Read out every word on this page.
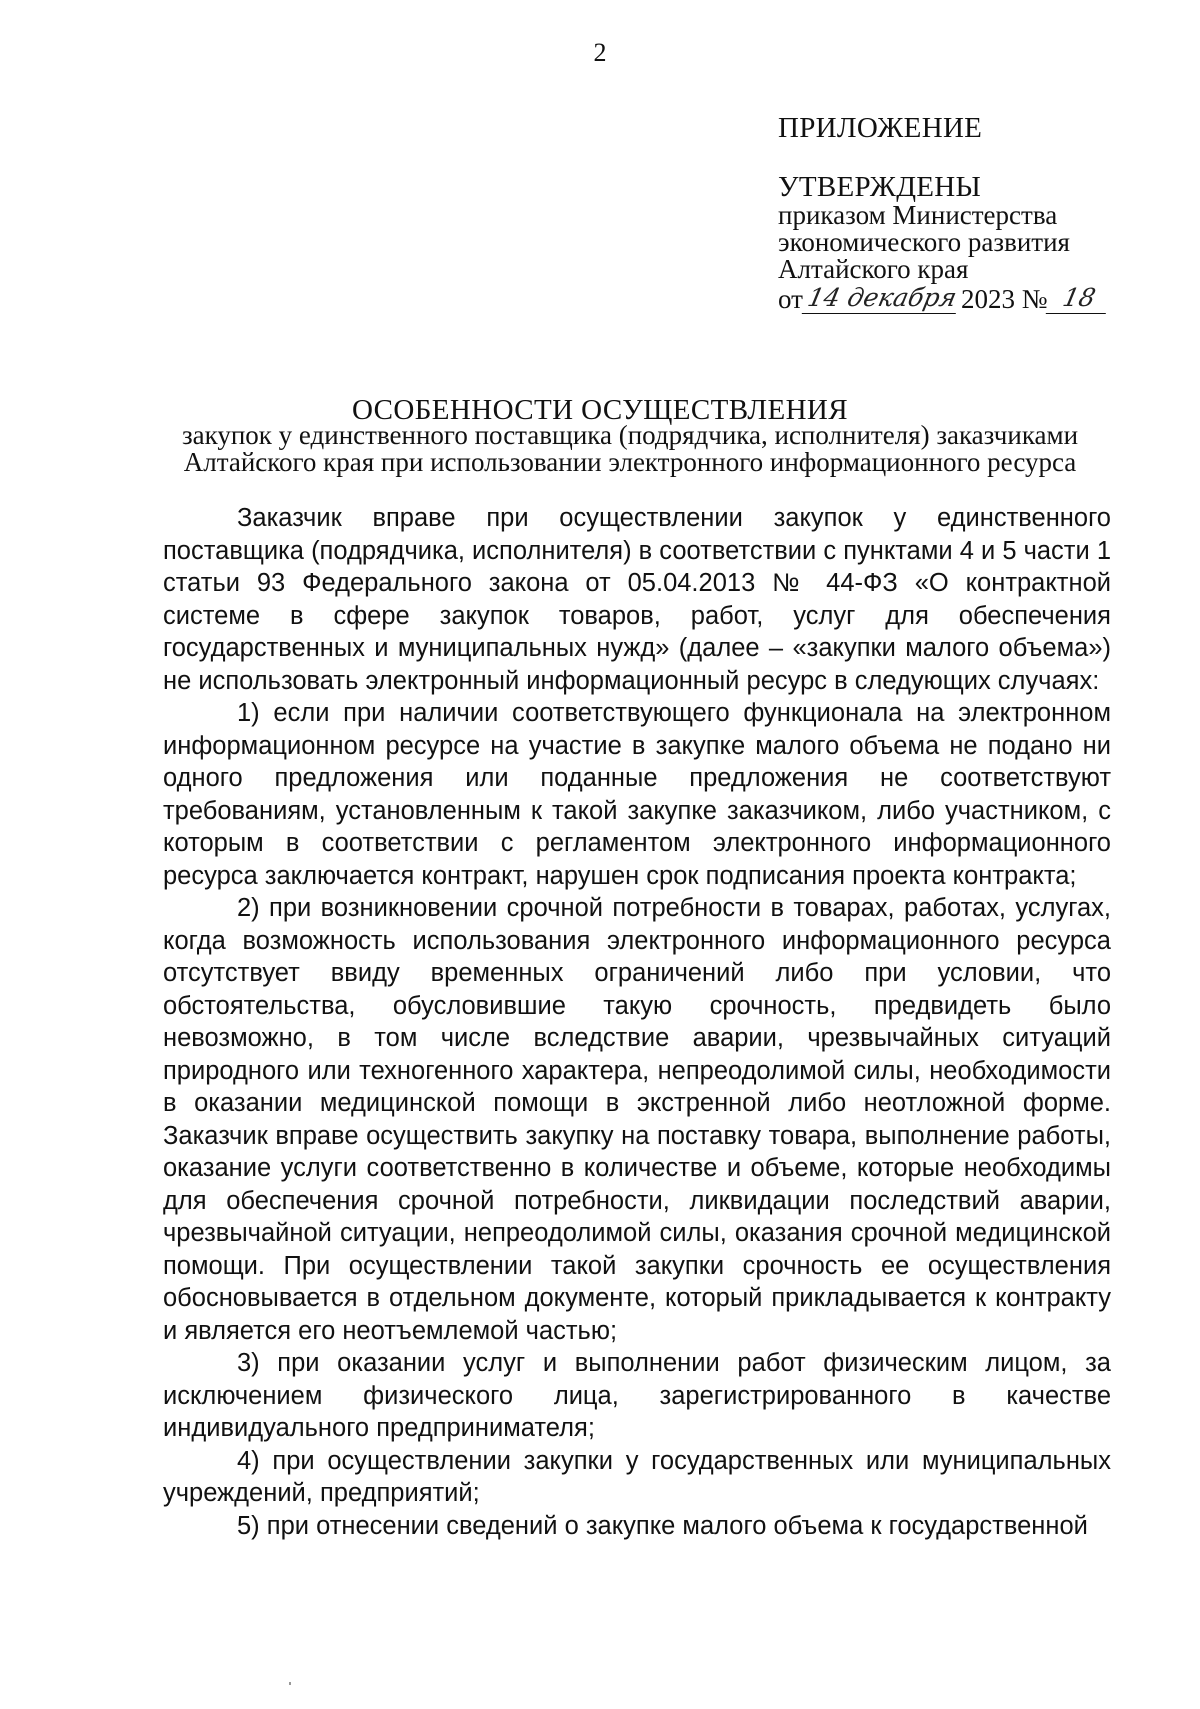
2
ПРИЛОЖЕНИЕ
УТВЕРЖДЕНЫ
приказом Министерства
экономического развития
Алтайского края
от 14 декабря 2023 № 18
ОСОБЕННОСТИ ОСУЩЕСТВЛЕНИЯ
закупок у единственного поставщика (подрядчика, исполнителя) заказчиками Алтайского края при использовании электронного информационного ресурса

Заказчик вправе при осуществлении закупок у единственного поставщика (подрядчика, исполнителя) в соответствии с пунктами 4 и 5 части 1 статьи 93 Федерального закона от 05.04.2013 № 44-ФЗ «О контрактной системе в сфере закупок товаров, работ, услуг для обеспечения государственных и муниципальных нужд» (далее – «закупки малого объема») не использовать электронный информационный ресурс в следующих случаях:

1) если при наличии соответствующего функционала на электронном информационном ресурсе на участие в закупке малого объема не подано ни одного предложения или поданные предложения не соответствуют требованиям, установленным к такой закупке заказчиком, либо участником, с которым в соответствии с регламентом электронного информационного ресурса заключается контракт, нарушен срок подписания проекта контракта;

2) при возникновении срочной потребности в товарах, работах, услугах, когда возможность использования электронного информационного ресурса отсутствует ввиду временных ограничений либо при условии, что обстоятельства, обусловившие такую срочность, предвидеть было невозможно, в том числе вследствие аварии, чрезвычайных ситуаций природного или техногенного характера, непреодолимой силы, необходимости в оказании медицинской помощи в экстренной либо неотложной форме. Заказчик вправе осуществить закупку на поставку товара, выполнение работы, оказание услуги соответственно в количестве и объеме, которые необходимы для обеспечения срочной потребности, ликвидации последствий аварии, чрезвычайной ситуации, непреодолимой силы, оказания срочной медицинской помощи. При осуществлении такой закупки срочность ее осуществления обосновывается в отдельном документе, который прикладывается к контракту и является его неотъемлемой частью;

3) при оказании услуг и выполнении работ физическим лицом, за исключением физического лица, зарегистрированного в качестве индивидуального предпринимателя;

4) при осуществлении закупки у государственных или муниципальных учреждений, предприятий;

5) при отнесении сведений о закупке малого объема к государственной
